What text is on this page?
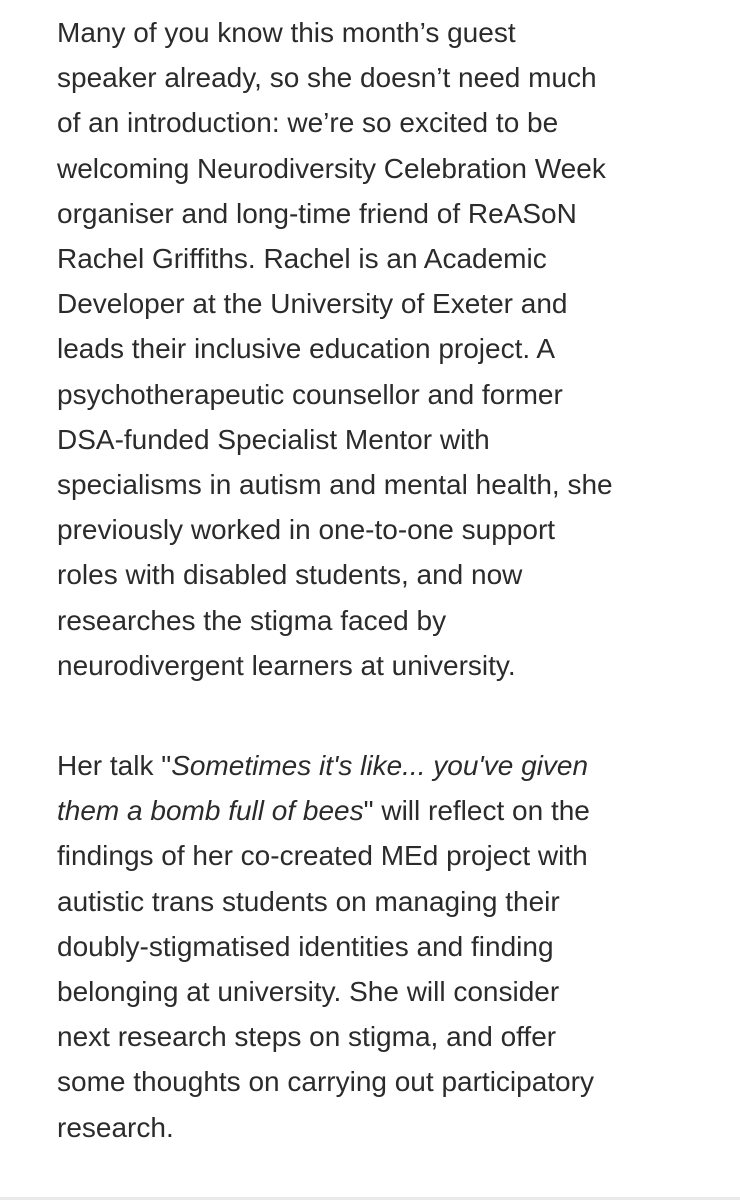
Many of you know this month’s guest
speaker already, so she doesn’t need much
of an introduction: we’re so excited to be
welcoming Neurodiversity Celebration Week
organiser and long-time friend of ReASoN
Rachel Griffiths. Rachel is an Academic
Developer at the University of Exeter and
leads their inclusive education project. A
psychotherapeutic counsellor and former
DSA-funded Specialist Mentor with
specialisms in autism and mental health, she
previously worked in one-to-one support
roles with disabled students, and now
researches the stigma faced by
neurodivergent learners at university.
Her talk "Sometimes it's like... you've given
them a bomb full of bees" will reflect on the
findings of her co-created MEd project with
autistic trans students on managing their
doubly-stigmatised identities and finding
belonging at university. She will consider
next research steps on stigma, and offer
some thoughts on carrying out participatory
research.
